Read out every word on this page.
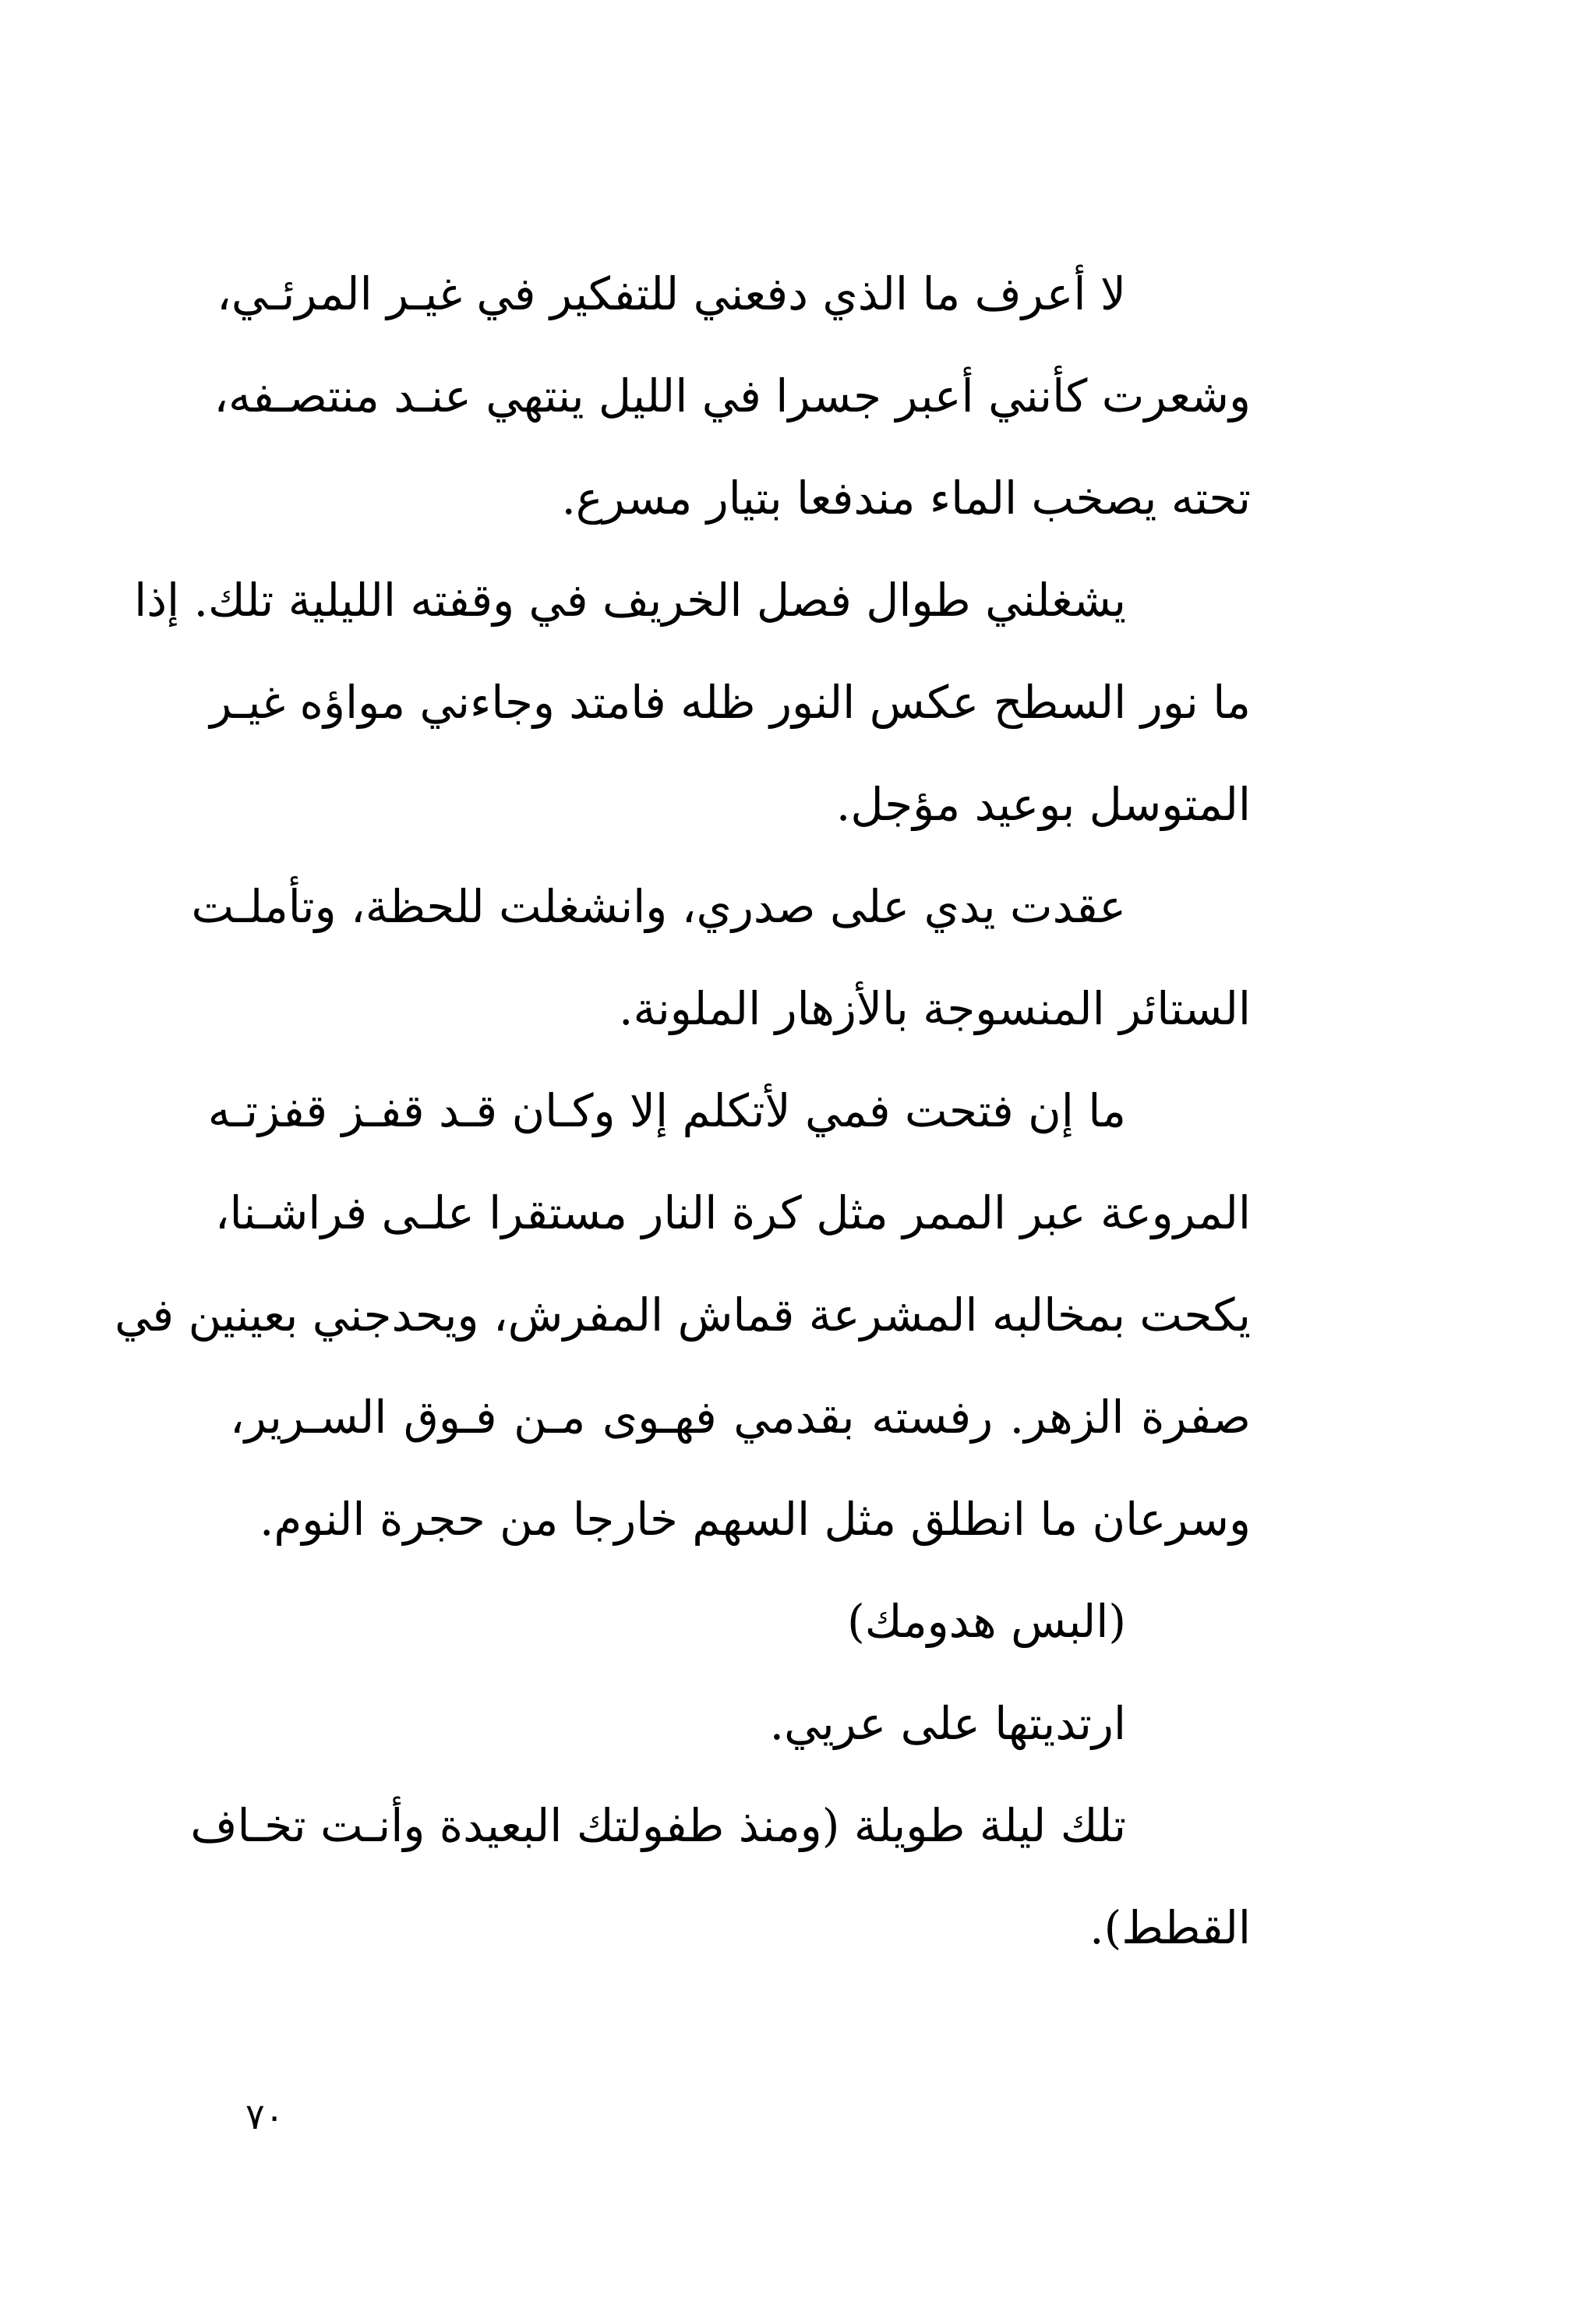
لا أعرف ما الذي دفعني للتفكير في غيـر المرئـي،
وشعرت كأنني أعبر جسرا في الليل ينتهي عنـد منتصـفه،
تحته يصخب الماء مندفعا بتيار مسرع.
يشغلني طوال فصل الخريف في وقفته الليلية تلك. إذا
ما نور السطح عكس النور ظله فامتد وجاءني مواؤه غيـر
المتوسل بوعيد مؤجل.
عقدت يدي على صدري، وانشغلت للحظة، وتأملـت
الستائر المنسوجة بالأزهار الملونة.
ما إن فتحت فمي لأتكلم إلا وكـان قـد قفـز قفزتـه
المروعة عبر الممر مثل كرة النار مستقرا علـى فراشـنا،
يكحت بمخالبه المشرعة قماش المفرش، ويحدجني بعينين في
صفرة الزهر. رفسته بقدمي فهـوى مـن فـوق السـرير،
وسرعان ما انطلق مثل السهم خارجا من حجرة النوم.
(البس هدومك)
ارتديتها على عريي.
تلك ليلة طويلة (ومنذ طفولتك البعيدة وأنـت تخـاف
القطط).
٧٠
